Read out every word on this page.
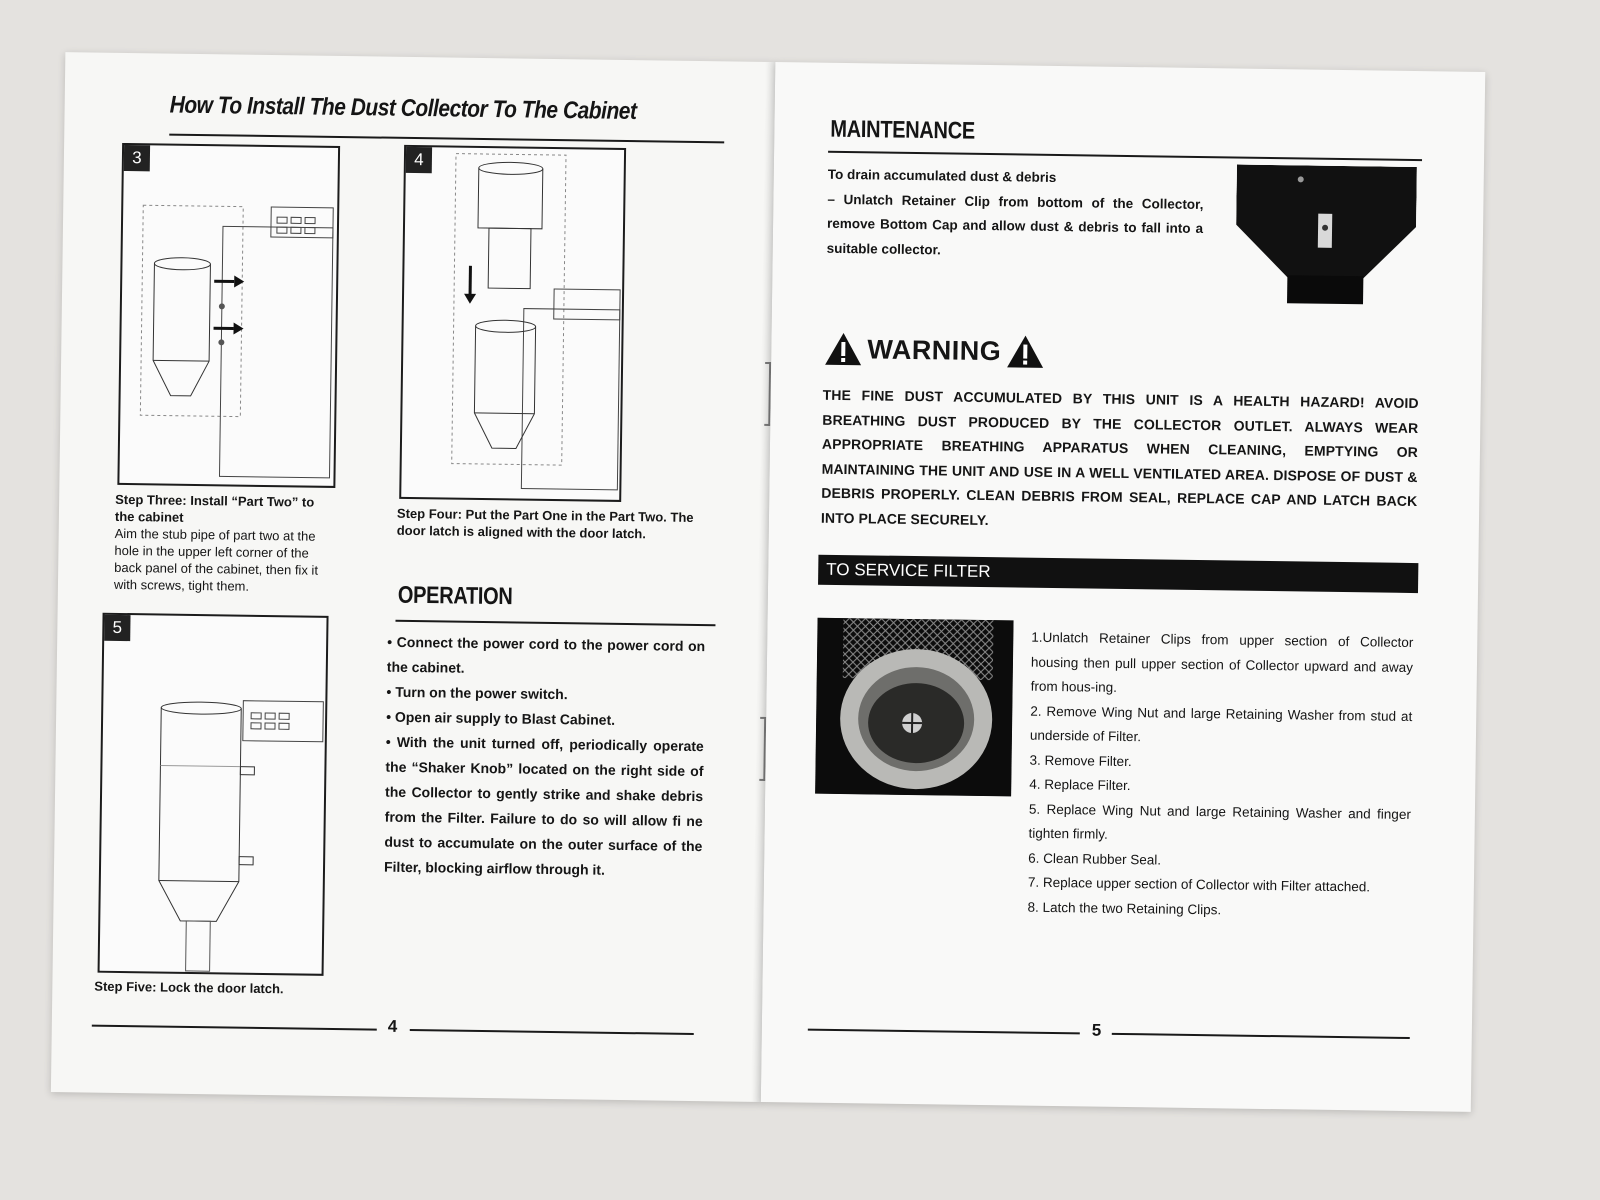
How To Install The Dust Collector To The Cabinet
3
Step Three: Install “Part Two” to the cabinet
Aim the stub pipe of part two at the hole in the upper left corner of the back panel of the cabinet, then fix it with screws, tight them.
4
Step Four: Put the Part One in the Part Two. The door latch is aligned with the door latch.
5
Step Five: Lock the door latch.
OPERATION
• Connect the power cord to the power cord on the cabinet.
• Turn on the power switch.
• Open air supply to Blast Cabinet.
• With the unit turned off, periodically operate the “Shaker Knob” located on the right side of the Collector to gently strike and shake debris from the Filter. Failure to do so will allow fi ne dust to accumulate on the outer surface of the Filter, blocking airflow through it.
4
MAINTENANCE
To drain accumulated dust & debris
– Unlatch Retainer Clip from bottom of the Collector, remove Bottom Cap and allow dust & debris to fall into a suitable collector.
WARNING
THE FINE DUST ACCUMULATED BY THIS UNIT IS A HEALTH HAZARD! AVOID BREATHING DUST PRODUCED BY THE COLLECTOR OUTLET. ALWAYS WEAR APPROPRIATE BREATHING APPARATUS WHEN CLEANING, EMPTYING OR MAINTAINING THE UNIT AND USE IN A WELL VENTILATED AREA. DISPOSE OF DUST & DEBRIS PROPERLY. CLEAN DEBRIS FROM SEAL, REPLACE CAP AND LATCH BACK INTO PLACE SECURELY.
TO SERVICE FILTER
1.Unlatch Retainer Clips from upper section of Collector housing then pull upper section of Collector upward and away from hous-ing.
2. Remove Wing Nut and large Retaining Washer from stud at underside of Filter.
3. Remove Filter.
4. Replace Filter.
5. Replace Wing Nut and large Retaining Washer and finger tighten firmly.
6. Clean Rubber Seal.
7. Replace upper section of Collector with Filter attached.
8. Latch the two Retaining Clips.
5
